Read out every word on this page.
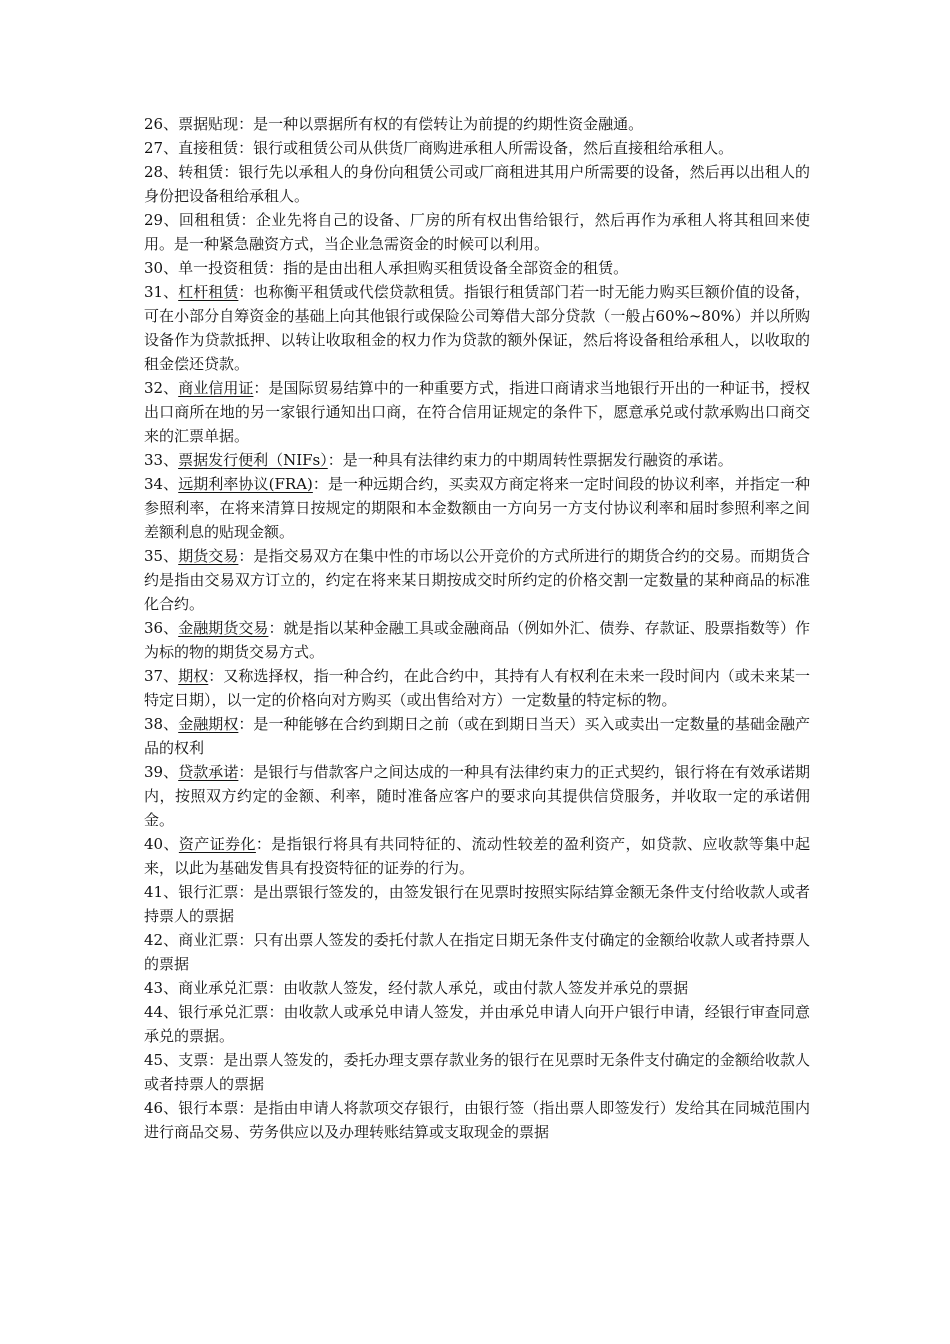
26、票据贴现：是一种以票据所有权的有偿转让为前提的约期性资金融通。

27、直接租赁：银行或租赁公司从供货厂商购进承租人所需设备，然后直接租给承租人。

28、转租赁：银行先以承租人的身份向租赁公司或厂商租进其用户所需要的设备，然后再以出租人的身份把设备租给承租人。

29、回租租赁：企业先将自己的设备、厂房的所有权出售给银行，然后再作为承租人将其租回来使用。是一种紧急融资方式，当企业急需资金的时候可以利用。

30、单一投资租赁：指的是由出租人承担购买租赁设备全部资金的租赁。

31、杠杆租赁：也称衡平租赁或代偿贷款租赁。指银行租赁部门若一时无能力购买巨额价值的设备，可在小部分自筹资金的基础上向其他银行或保险公司筹借大部分贷款（一般占60%~80%）并以所购设备作为贷款抵押、以转让收取租金的权力作为贷款的额外保证，然后将设备租给承租人，以收取的租金偿还贷款。

32、商业信用证：是国际贸易结算中的一种重要方式，指进口商请求当地银行开出的一种证书，授权出口商所在地的另一家银行通知出口商，在符合信用证规定的条件下，愿意承兑或付款承购出口商交来的汇票单据。

33、票据发行便利（NIFs）：是一种具有法律约束力的中期周转性票据发行融资的承诺。

34、远期利率协议(FRA)：是一种远期合约，买卖双方商定将来一定时间段的协议利率，并指定一种参照利率，在将来清算日按规定的期限和本金数额由一方向另一方支付协议利率和届时参照利率之间差额利息的贴现金额。

35、期货交易：是指交易双方在集中性的市场以公开竞价的方式所进行的期货合约的交易。而期货合约是指由交易双方订立的，约定在将来某日期按成交时所约定的价格交割一定数量的某种商品的标准化合约。

36、金融期货交易：就是指以某种金融工具或金融商品（例如外汇、债券、存款证、股票指数等）作为标的物的期货交易方式。

37、期权：又称选择权，指一种合约，在此合约中，其持有人有权利在未来一段时间内（或未来某一特定日期），以一定的价格向对方购买（或出售给对方）一定数量的特定标的物。

38、金融期权：是一种能够在合约到期日之前（或在到期日当天）买入或卖出一定数量的基础金融产品的权利

39、贷款承诺：是银行与借款客户之间达成的一种具有法律约束力的正式契约，银行将在有效承诺期内，按照双方约定的金额、利率，随时准备应客户的要求向其提供信贷服务，并收取一定的承诺佣金。

40、资产证券化：是指银行将具有共同特征的、流动性较差的盈利资产，如贷款、应收款等集中起来，以此为基础发售具有投资特征的证券的行为。

41、银行汇票：是出票银行签发的，由签发银行在见票时按照实际结算金额无条件支付给收款人或者持票人的票据

42、商业汇票：只有出票人签发的委托付款人在指定日期无条件支付确定的金额给收款人或者持票人的票据

43、商业承兑汇票：由收款人签发，经付款人承兑，或由付款人签发并承兑的票据

44、银行承兑汇票：由收款人或承兑申请人签发，并由承兑申请人向开户银行申请，经银行审查同意承兑的票据。

45、支票：是出票人签发的，委托办理支票存款业务的银行在见票时无条件支付确定的金额给收款人或者持票人的票据

46、银行本票：是指由申请人将款项交存银行，由银行签（指出票人即签发行）发给其在同城范围内进行商品交易、劳务供应以及办理转账结算或支取现金的票据
